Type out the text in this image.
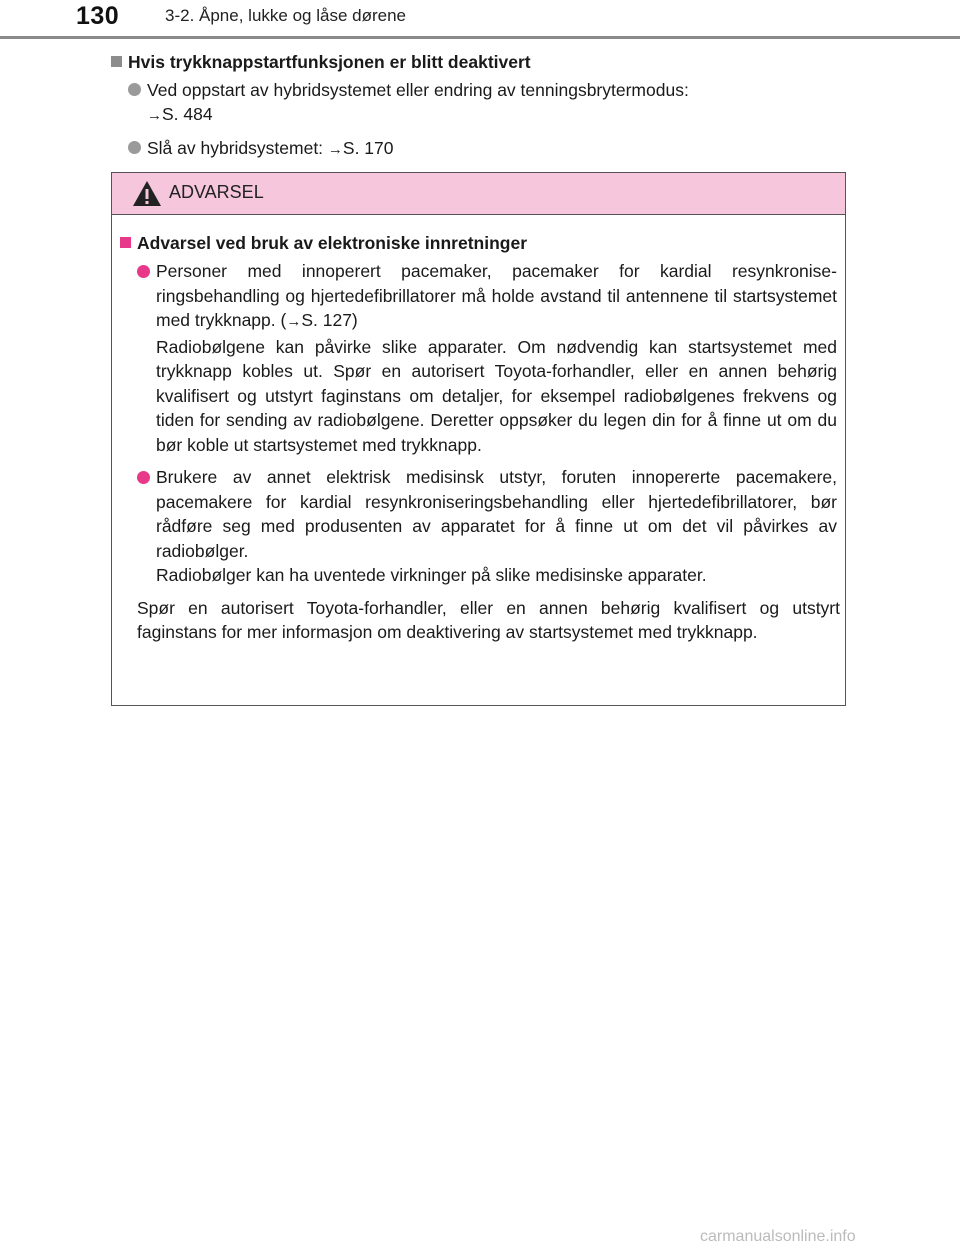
130	3-2. Åpne, lukke og låse dørene
Hvis trykknappstartfunksjonen er blitt deaktivert
Ved oppstart av hybridsystemet eller endring av tenningsbrytermodus:
→S. 484
Slå av hybridsystemet: →S. 170
ADVARSEL
Advarsel ved bruk av elektroniske innretninger

Personer med innoperert pacemaker, pacemaker for kardial resynkroniseringsbehandling og hjertedefibrillatorer må holde avstand til antennene til startsystemet med trykknapp. (→S. 127)

Radiobølgene kan påvirke slike apparater. Om nødvendig kan startsystemet med trykknapp kobles ut. Spør en autorisert Toyota-forhandler, eller en annen behørig kvalifisert og utstyrt faginstans om detaljer, for eksempel radiobølgenes frekvens og tiden for sending av radiobølgene. Deretter oppsøker du legen din for å finne ut om du bør koble ut startsystemet med trykknapp.

Brukere av annet elektrisk medisinsk utstyr, foruten innopererte pacemakere, pacemakere for kardial resynkroniseringsbehandling eller hjertedefibrillatorer, bør rådføre seg med produsenten av apparatet for å finne ut om det vil påvirkes av radiobølger.

Radiobølger kan ha uventede virkninger på slike medisinske apparater.

Spør en autorisert Toyota-forhandler, eller en annen behørig kvalifisert og utstyrt faginstans for mer informasjon om deaktivering av startsystemet med trykknapp.
carmanualsonline.info
